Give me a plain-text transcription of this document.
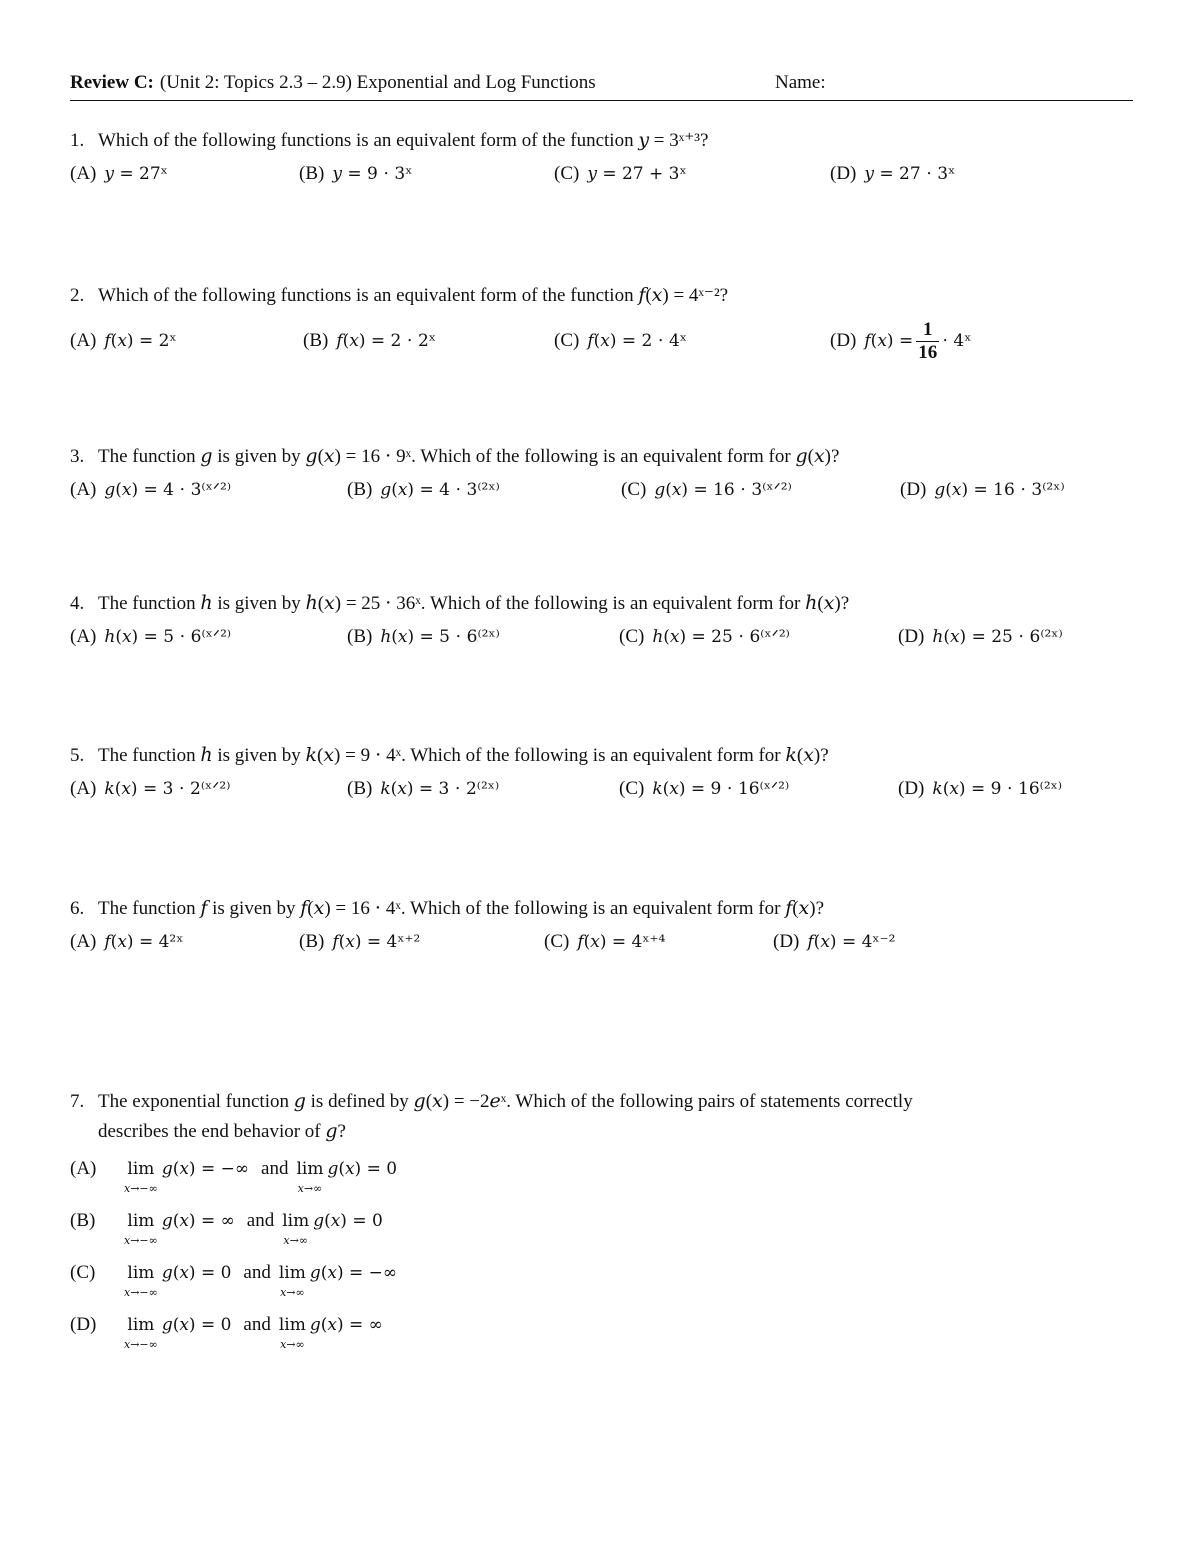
Review C: (Unit 2: Topics 2.3 – 2.9) Exponential and Log Functions	Name:
1. Which of the following functions is an equivalent form of the function 𝑦 = 3ˣ⁺³?
(A) 𝑦 = 27ˣ	(B) 𝑦 = 9 ⋅ 3ˣ	(C) 𝑦 = 27 + 3ˣ	(D) 𝑦 = 27 ⋅ 3ˣ
2. Which of the following functions is an equivalent form of the function 𝑓(𝑥) = 4ˣ⁻²?
(A) 𝑓(𝑥) = 2ˣ	(B) 𝑓(𝑥) = 2 ⋅ 2ˣ	(C) 𝑓(𝑥) = 2 ⋅ 4ˣ	(D) 𝑓(𝑥) = $\frac{1}{16}$ ⋅ 4ˣ
3. The function 𝑔 is given by 𝑔(𝑥) = 16 ⋅ 9ˣ. Which of the following is an equivalent form for 𝑔(𝑥)?
(A) 𝑔(𝑥) = 4 ⋅ 3⁽ˣᐟ²⁾	(B) 𝑔(𝑥) = 4 ⋅ 3⁽²ˣ⁾	(C) 𝑔(𝑥) = 16 ⋅ 3⁽ˣᐟ²⁾	(D) 𝑔(𝑥) = 16 ⋅ 3⁽²ˣ⁾
4. The function ℎ is given by ℎ(𝑥) = 25 ⋅ 36ˣ. Which of the following is an equivalent form for ℎ(𝑥)?
(A) ℎ(𝑥) = 5 ⋅ 6⁽ˣᐟ²⁾	(B) ℎ(𝑥) = 5 ⋅ 6⁽²ˣ⁾	(C) ℎ(𝑥) = 25 ⋅ 6⁽ˣᐟ²⁾	(D) ℎ(𝑥) = 25 ⋅ 6⁽²ˣ⁾
5. The function ℎ is given by 𝑘(𝑥) = 9 ⋅ 4ˣ. Which of the following is an equivalent form for 𝑘(𝑥)?
(A) 𝑘(𝑥) = 3 ⋅ 2⁽ˣᐟ²⁾	(B) 𝑘(𝑥) = 3 ⋅ 2⁽²ˣ⁾	(C) 𝑘(𝑥) = 9 ⋅ 16⁽ˣᐟ²⁾	(D) 𝑘(𝑥) = 9 ⋅ 16⁽²ˣ⁾
6. The function 𝑓 is given by 𝑓(𝑥) = 16 ⋅ 4ˣ. Which of the following is an equivalent form for 𝑓(𝑥)?
(A) 𝑓(𝑥) = 4²ˣ	(B) 𝑓(𝑥) = 4ˣ⁺²	(C) 𝑓(𝑥) = 4ˣ⁺⁴	(D) 𝑓(𝑥) = 4ˣ⁻²
7. The exponential function 𝑔 is defined by 𝑔(𝑥) = −2𝑒ˣ. Which of the following pairs of statements correctly
describes the end behavior of 𝑔?
(A)	lim
𝑥→−∞
𝑔(𝑥) = −∞ and lim
𝑥→∞
𝑔(𝑥) = 0
(B)	lim
𝑥→−∞
𝑔(𝑥) = ∞ and lim
𝑥→∞
𝑔(𝑥) = 0
(C)	lim
𝑥→−∞
𝑔(𝑥) = 0 and lim
𝑥→∞
𝑔(𝑥) = −∞
(D)	lim
𝑥→−∞
𝑔(𝑥) = 0 and lim
𝑥→∞
𝑔(𝑥) = ∞
